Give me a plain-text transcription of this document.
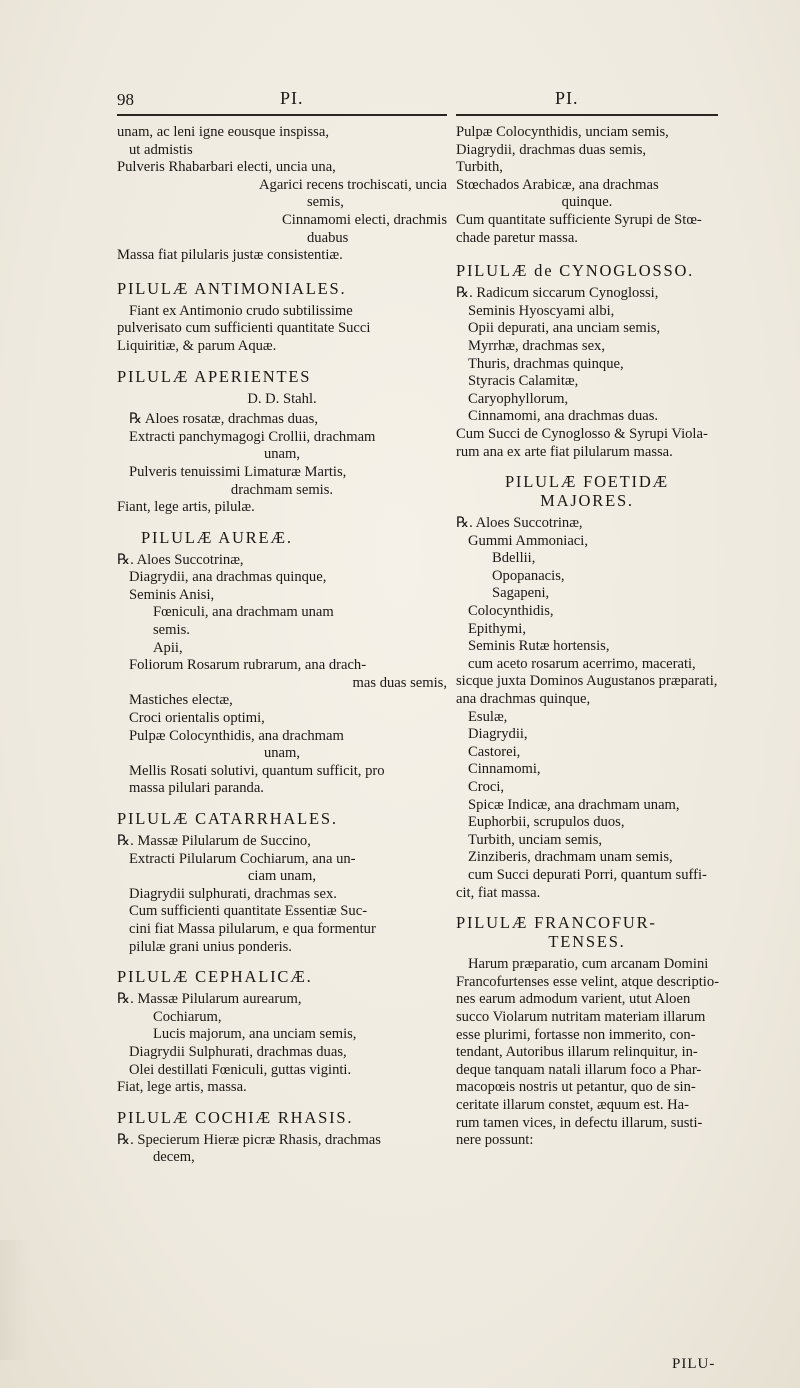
98	PI.	PI.
unam, ac leni igne eousque inspissa,
ut admistis
Pulveris Rhabarbari electi, uncia una,
Agarici recens trochiscati, uncia
semis,
Cinnamomi electi, drachmis
duabus
Massa fiat pilularis justæ consistentiæ.
PILULÆ ANTIMONIALES.
Fiant ex Antimonio crudo subtilissime
pulverisato cum sufficienti quantitate Succi
Liquiritiæ, & parum Aquæ.
PILULÆ APERIENTES
D. D. Stahl.
℞ Aloes rosatæ, drachmas duas,
Extracti panchymagogi Crollii, drachmam
unam,
Pulveris tenuissimi Limaturæ Martis,
drachmam semis.
Fiant, lege artis, pilulæ.
PILULÆ AUREÆ.
℞. Aloes Succotrinæ,
Diagrydii, ana drachmas quinque,
Seminis Anisi,
Fœniculi, ana drachmam unam
semis.
Apii,
Foliorum Rosarum rubrarum, ana drach-
mas duas semis,
Mastiches electæ,
Croci orientalis optimi,
Pulpæ Colocynthidis, ana drachmam
unam,
Mellis Rosati solutivi, quantum sufficit, pro
massa pilulari paranda.
PILULÆ CATARRHALES.
℞. Massæ Pilularum de Succino,
Extracti Pilularum Cochiarum, ana un-
ciam unam,
Diagrydii sulphurati, drachmas sex.
Cum sufficienti quantitate Essentiæ Suc-
cini fiat Massa pilularum, e qua formentur
pilulæ grani unius ponderis.
PILULÆ CEPHALICÆ.
℞. Massæ Pilularum aurearum,
Cochiarum,
Lucis majorum, ana unciam semis,
Diagrydii Sulphurati, drachmas duas,
Olei destillati Fœniculi, guttas viginti.
Fiat, lege artis, massa.
PILULÆ COCHIÆ RHASIS.
℞. Specierum Hieræ picræ Rhasis, drachmas
decem,
Pulpæ Colocynthidis, unciam semis,
Diagrydii, drachmas duas semis,
Turbith,
Stœchados Arabicæ, ana drachmas
quinque.
Cum quantitate sufficiente Syrupi de Stœ-
chade paretur massa.
PILULÆ de CYNOGLOSSO.
℞. Radicum siccarum Cynoglossi,
Seminis Hyoscyami albi,
Opii depurati, ana unciam semis,
Myrrhæ, drachmas sex,
Thuris, drachmas quinque,
Styracis Calamitæ,
Caryophyllorum,
Cinnamomi, ana drachmas duas.
Cum Succi de Cynoglosso & Syrupi Viola-
rum ana ex arte fiat pilularum massa.
PILULÆ FOETIDÆ
MAJORES.
℞. Aloes Succotrinæ,
Gummi Ammoniaci,
Bdellii,
Opopanacis,
Sagapeni,
Colocynthidis,
Epithymi,
Seminis Rutæ hortensis,
cum aceto rosarum acerrimo, macerati,
sicque juxta Dominos Augustanos præparati,
ana drachmas quinque,
Esulæ,
Diagrydii,
Castorei,
Cinnamomi,
Croci,
Spicæ Indicæ, ana drachmam unam,
Euphorbii, scrupulos duos,
Turbith, unciam semis,
Zinziberis, drachmam unam semis,
cum Succi depurati Porri, quantum suffi-
cit, fiat massa.
PILULÆ FRANCOFUR-
TENSES.
Harum præparatio, cum arcanam Domini
Francofurtenses esse velint, atque descriptio-
nes earum admodum varient, utut Aloen
succo Violarum nutritam materiam illarum
esse plurimi, fortasse non immerito, con-
tendant, Autoribus illarum relinquitur, in-
deque tanquam natali illarum foco a Phar-
macopœis nostris ut petantur, quo de sin-
ceritate illarum constet, æquum est. Ha-
rum tamen vices, in defectu illarum, susti-
nere possunt:
PILU-
